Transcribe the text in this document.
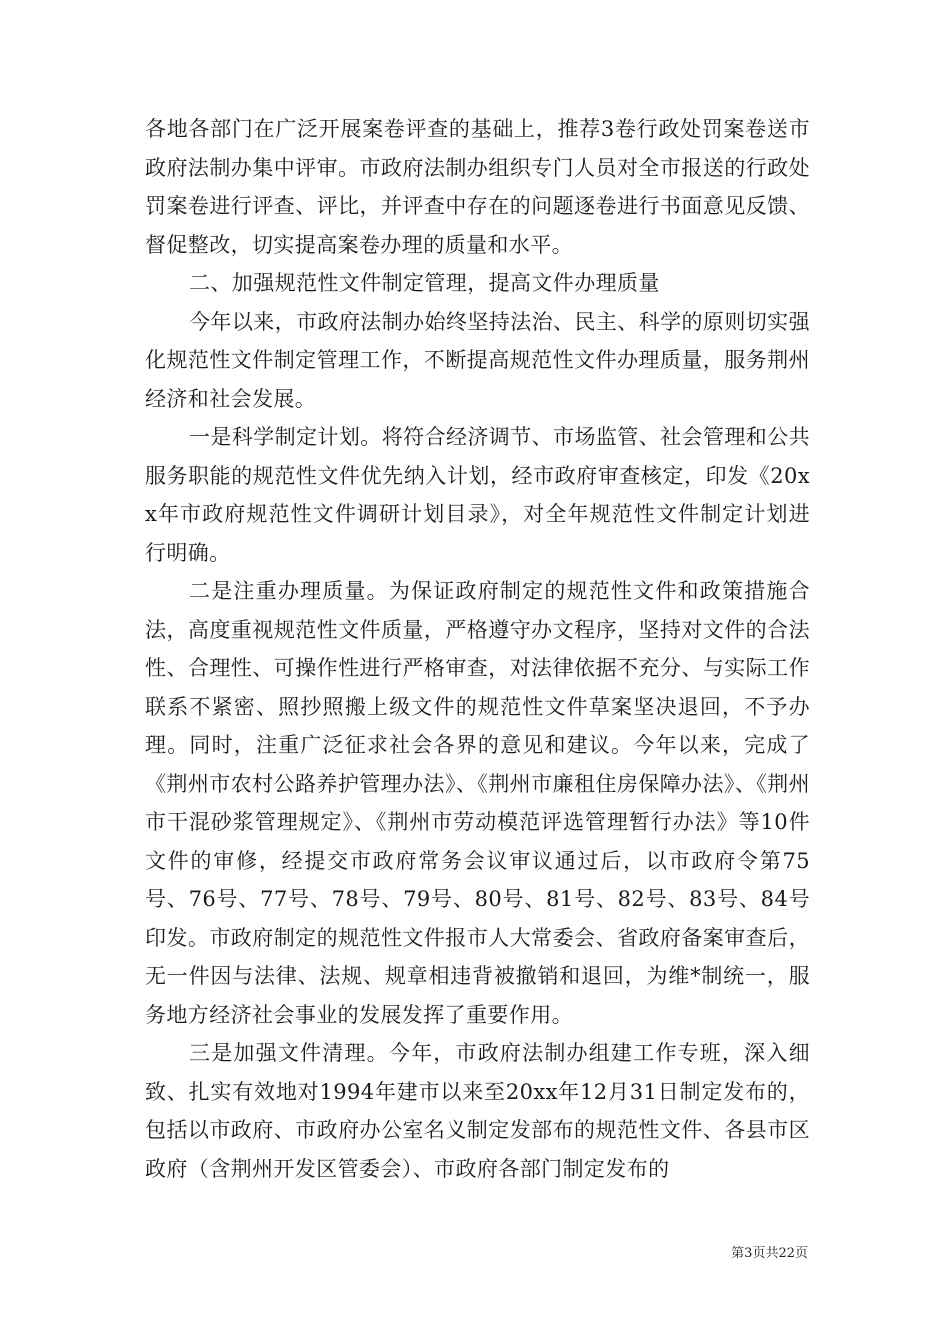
各地各部门在广泛开展案卷评查的基础上，推荐3卷行政处罚案卷送市政府法制办集中评审。市政府法制办组织专门人员对全市报送的行政处罚案卷进行评查、评比，并评查中存在的问题逐卷进行书面意见反馈、督促整改，切实提高案卷办理的质量和水平。

二、加强规范性文件制定管理，提高文件办理质量

今年以来，市政府法制办始终坚持法治、民主、科学的原则切实强化规范性文件制定管理工作，不断提高规范性文件办理质量，服务荆州经济和社会发展。

一是科学制定计划。将符合经济调节、市场监管、社会管理和公共服务职能的规范性文件优先纳入计划，经市政府审查核定，印发《20xx年市政府规范性文件调研计划目录》，对全年规范性文件制定计划进行明确。

二是注重办理质量。为保证政府制定的规范性文件和政策措施合法，高度重视规范性文件质量，严格遵守办文程序，坚持对文件的合法性、合理性、可操作性进行严格审查，对法律依据不充分、与实际工作联系不紧密、照抄照搬上级文件的规范性文件草案坚决退回，不予办理。同时，注重广泛征求社会各界的意见和建议。今年以来，完成了《荆州市农村公路养护管理办法》、《荆州市廉租住房保障办法》、《荆州市干混砂浆管理规定》、《荆州市劳动模范评选管理暂行办法》等10件文件的审修，经提交市政府常务会议审议通过后，以市政府令第75号、76号、77号、78号、79号、80号、81号、82号、83号、84号印发。市政府制定的规范性文件报市人大常委会、省政府备案审查后，无一件因与法律、法规、规章相违背被撤销和退回，为维*制统一，服务地方经济社会事业的发展发挥了重要作用。

三是加强文件清理。今年，市政府法制办组建工作专班，深入细致、扎实有效地对1994年建市以来至20xx年12月31日制定发布的，包括以市政府、市政府办公室名义制定发部布的规范性文件、各县市区政府（含荆州开发区管委会）、市政府各部门制定发布的

第3页共22页
